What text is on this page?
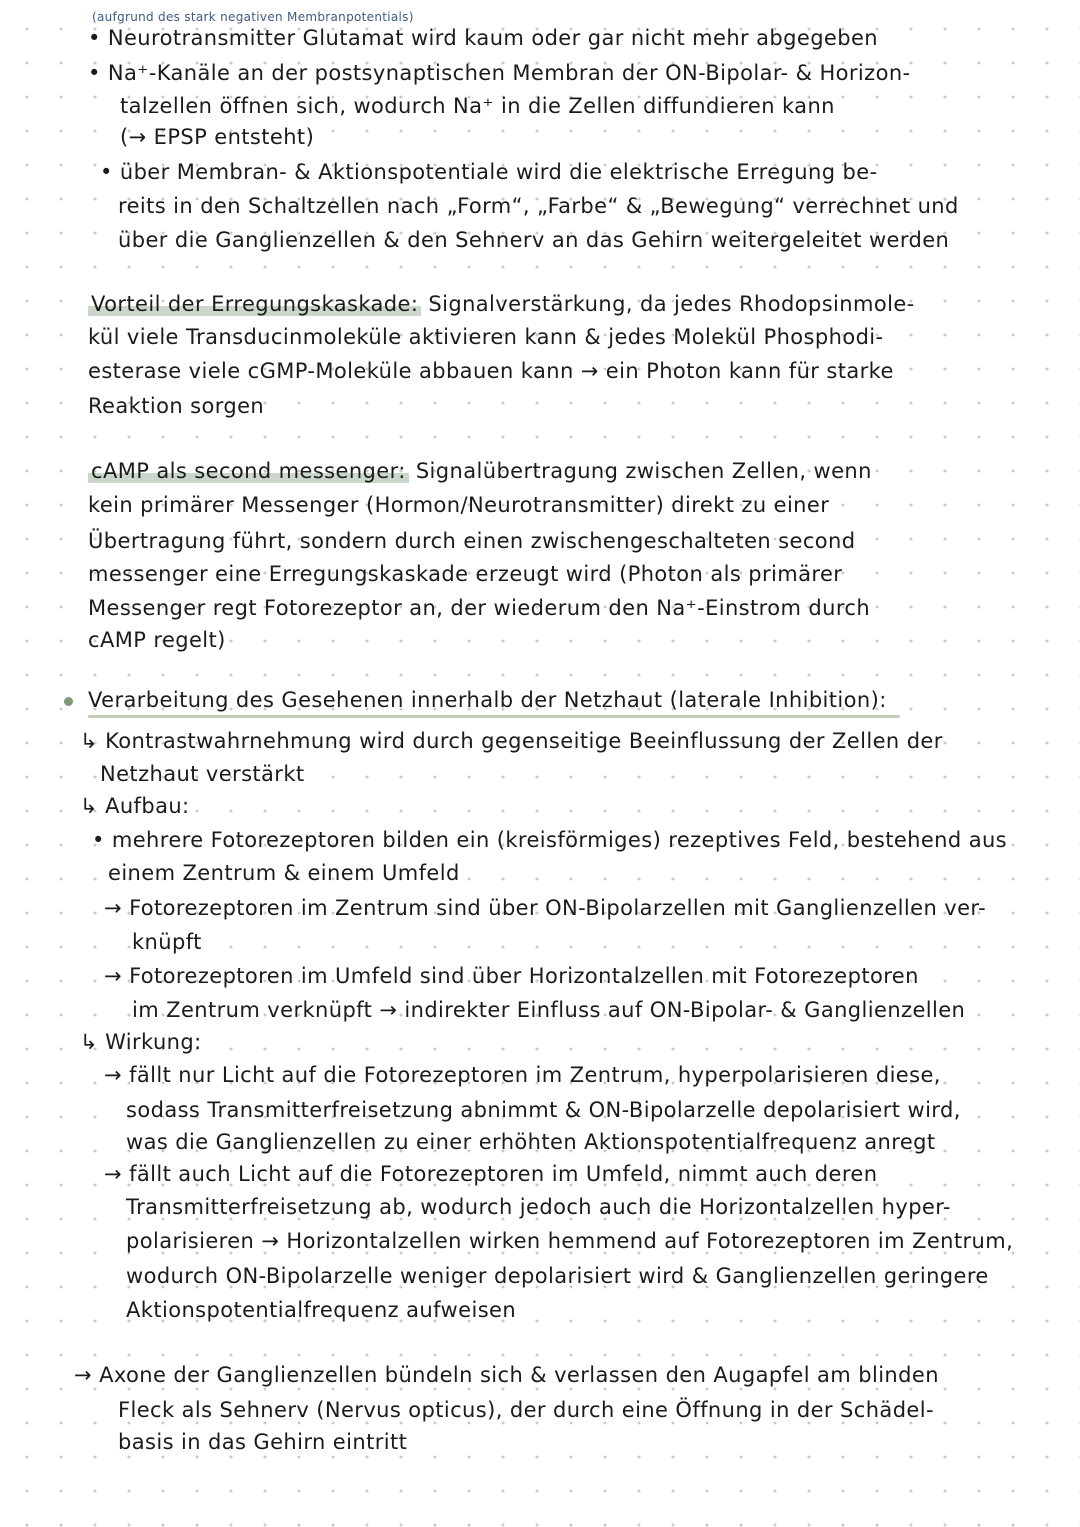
(aufgrund des stark negativen Membranpotentials)
• Neurotransmitter Glutamat wird kaum oder gar nicht mehr abgegeben
• Na⁺-Kanäle an der postsynaptischen Membran der ON-Bipolar- & Horizon-
talzellen öffnen sich, wodurch Na⁺ in die Zellen diffundieren kann
(→ EPSP entsteht)
• über Membran- & Aktionspotentiale wird die elektrische Erregung be-
reits in den Schaltzellen nach „Form“, „Farbe“ & „Bewegung“ verrechnet und
über die Ganglienzellen & den Sehnerv an das Gehirn weitergeleitet werden
Vorteil der Erregungskaskade: Signalverstärkung, da jedes Rhodopsinmole-
kül viele Transducinmoleküle aktivieren kann & jedes Molekül Phosphodi-
esterase viele cGMP-Moleküle abbauen kann → ein Photon kann für starke
Reaktion sorgen
cAMP als second messenger: Signalübertragung zwischen Zellen, wenn
kein primärer Messenger (Hormon/Neurotransmitter) direkt zu einer
Übertragung führt, sondern durch einen zwischengeschalteten second
messenger eine Erregungskaskade erzeugt wird (Photon als primärer
Messenger regt Fotorezeptor an, der wiederum den Na⁺-Einstrom durch
cAMP regelt)
Verarbeitung des Gesehenen innerhalb der Netzhaut (laterale Inhibition):
↳ Kontrastwahrnehmung wird durch gegenseitige Beeinflussung der Zellen der
Netzhaut verstärkt
↳ Aufbau:
• mehrere Fotorezeptoren bilden ein (kreisförmiges) rezeptives Feld, bestehend aus
einem Zentrum & einem Umfeld
→ Fotorezeptoren im Zentrum sind über ON-Bipolarzellen mit Ganglienzellen ver-
knüpft
→ Fotorezeptoren im Umfeld sind über Horizontalzellen mit Fotorezeptoren
im Zentrum verknüpft → indirekter Einfluss auf ON-Bipolar- & Ganglienzellen
↳ Wirkung:
→ fällt nur Licht auf die Fotorezeptoren im Zentrum, hyperpolarisieren diese,
sodass Transmitterfreisetzung abnimmt & ON-Bipolarzelle depolarisiert wird,
was die Ganglienzellen zu einer erhöhten Aktionspotentialfrequenz anregt
→ fällt auch Licht auf die Fotorezeptoren im Umfeld, nimmt auch deren
Transmitterfreisetzung ab, wodurch jedoch auch die Horizontalzellen hyper-
polarisieren → Horizontalzellen wirken hemmend auf Fotorezeptoren im Zentrum,
wodurch ON-Bipolarzelle weniger depolarisiert wird & Ganglienzellen geringere
Aktionspotentialfrequenz aufweisen
→ Axone der Ganglienzellen bündeln sich & verlassen den Augapfel am blinden
Fleck als Sehnerv (Nervus opticus), der durch eine Öffnung in der Schädel-
basis in das Gehirn eintritt
